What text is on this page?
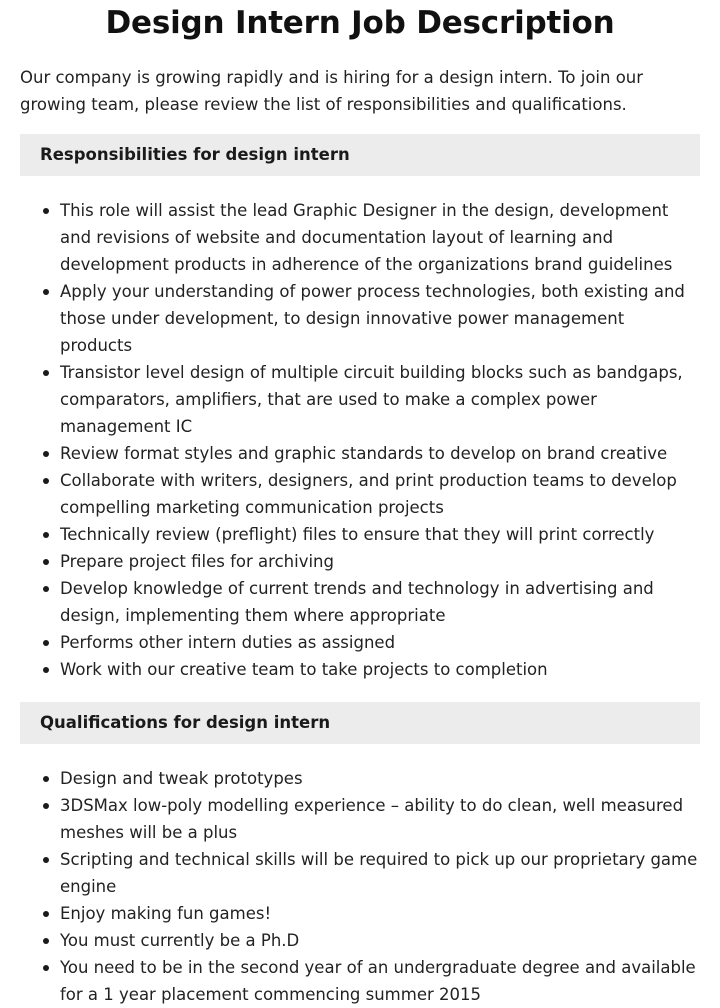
Design Intern Job Description

Our company is growing rapidly and is hiring for a design intern. To join our growing team, please review the list of responsibilities and qualifications.

Responsibilities for design intern
This role will assist the lead Graphic Designer in the design, development and revisions of website and documentation layout of learning and development products in adherence of the organizations brand guidelines
Apply your understanding of power process technologies, both existing and those under development, to design innovative power management products
Transistor level design of multiple circuit building blocks such as bandgaps, comparators, amplifiers, that are used to make a complex power management IC
Review format styles and graphic standards to develop on brand creative
Collaborate with writers, designers, and print production teams to develop compelling marketing communication projects
Technically review (preflight) files to ensure that they will print correctly
Prepare project files for archiving
Develop knowledge of current trends and technology in advertising and design, implementing them where appropriate
Performs other intern duties as assigned
Work with our creative team to take projects to completion
Qualifications for design intern
Design and tweak prototypes
3DSMax low-poly modelling experience – ability to do clean, well measured meshes will be a plus
Scripting and technical skills will be required to pick up our proprietary game engine
Enjoy making fun games!
You must currently be a Ph.D
You need to be in the second year of an undergraduate degree and available for a 1 year placement commencing summer 2015
